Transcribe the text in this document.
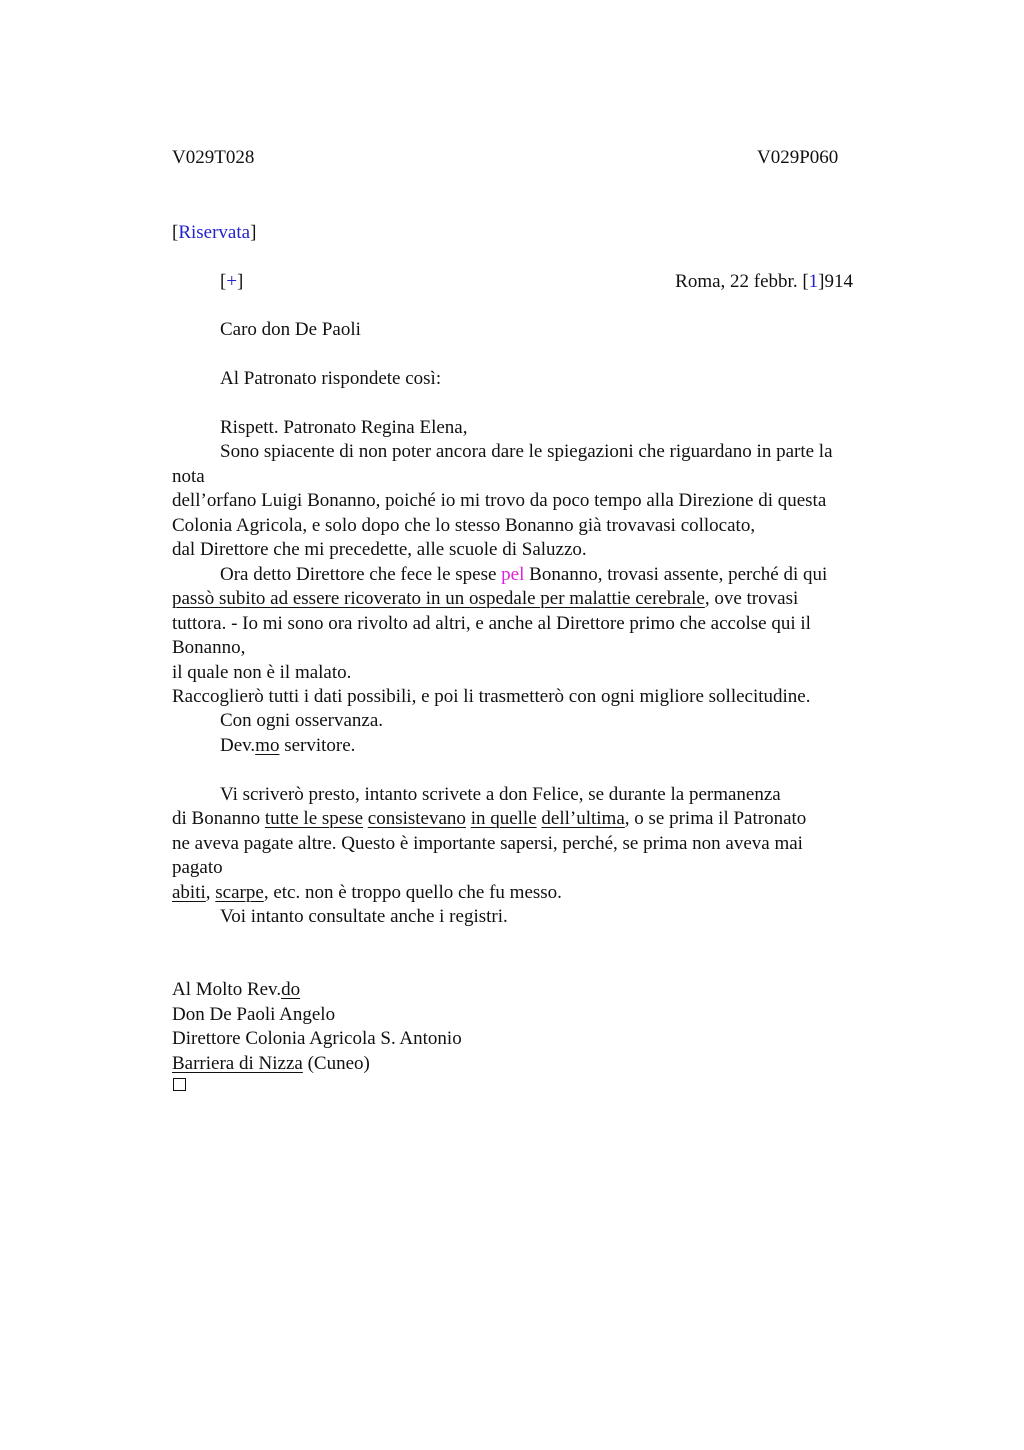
V029T028	V029P060
[Riservata]
[+]	Roma, 22 febbr. [1]914
Caro don De Paoli
Al Patronato rispondete così:
Rispett. Patronato Regina Elena,
Sono spiacente di non poter ancora dare le spiegazioni che riguardano in parte la
nota
dell’orfano Luigi Bonanno, poiché io mi trovo da poco tempo alla Direzione di questa
Colonia Agricola, e solo dopo che lo stesso Bonanno già trovavasi collocato,
dal Direttore che mi precedette, alle scuole di Saluzzo.
Ora detto Direttore che fece le spese pel Bonanno, trovasi assente, perché di qui
passò subito ad essere ricoverato in un ospedale per malattie cerebrale, ove trovasi
tuttora. - Io mi sono ora rivolto ad altri, e anche al Direttore primo che accolse qui il
Bonanno,
il quale non è il malato.
Raccoglierò tutti i dati possibili, e poi li trasmetterò con ogni migliore sollecitudine.
Con ogni osservanza.
Dev.mo servitore.
Vi scriverò presto, intanto scrivete a don Felice, se durante la permanenza
di Bonanno tutte le spese consistevano in quelle dell’ultima, o se prima il Patronato
ne aveva pagate altre. Questo è importante sapersi, perché, se prima non aveva mai
pagato
abiti, scarpe, etc. non è troppo quello che fu messo.
Voi intanto consultate anche i registri.
Al Molto Rev.do
Don De Paoli Angelo
Direttore Colonia Agricola S. Antonio
Barriera di Nizza (Cuneo)
